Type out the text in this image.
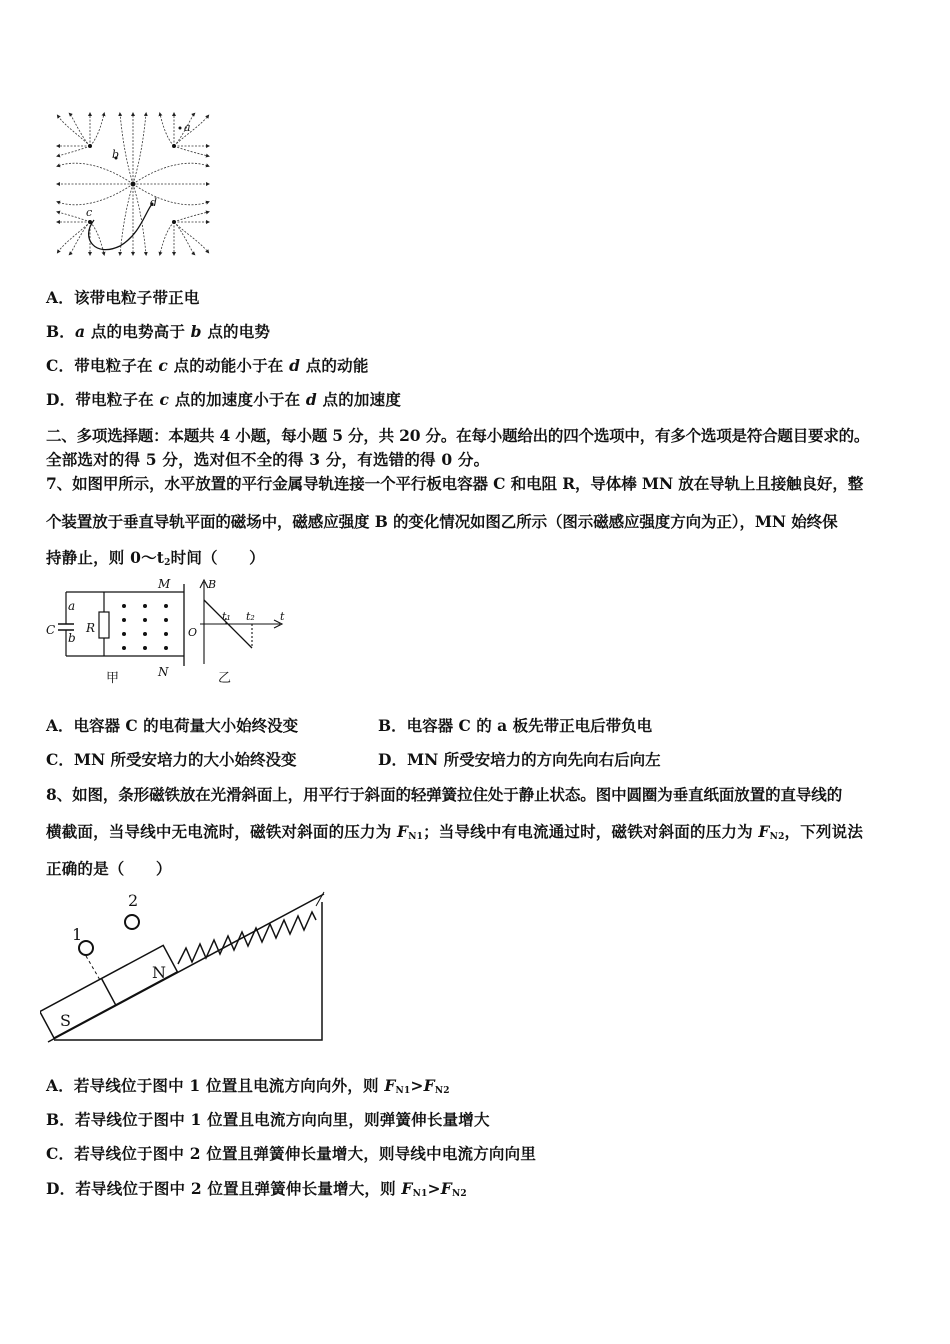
a
b
c
d
A．该带电粒子带正电
B．a 点的电势高于 b 点的电势
C．带电粒子在 c 点的动能小于在 d 点的动能
D．带电粒子在 c 点的加速度小于在 d 点的加速度
二、多项选择题：本题共 4 小题，每小题 5 分，共 20 分。在每小题给出的四个选项中，有多个选项是符合题目要求的。
全部选对的得 5 分，选对但不全的得 3 分，有选错的得 0 分。
7、如图甲所示，水平放置的平行金属导轨连接一个平行板电容器 C 和电阻 R，导体棒 MN 放在导轨上且接触良好，整
个装置放于垂直导轨平面的磁场中，磁感应强度 B 的变化情况如图乙所示（图示磁感应强度方向为正），MN 始终保
持静止，则 $0\sim t_2$时间（　　）
a
b
C	R
M
N
甲
B
O
t₁ t₂ t
乙
A．电容器 C 的电荷量大小始终没变	B．电容器 C 的 a 板先带正电后带负电
C．MN 所受安培力的大小始终没变	D．MN 所受安培力的方向先向右后向左
8、如图，条形磁铁放在光滑斜面上，用平行于斜面的轻弹簧拉住处于静止状态。图中圆圈为垂直纸面放置的直导线的
横截面，当导线中无电流时，磁铁对斜面的压力为 $F_{N1}$；当导线中有电流通过时，磁铁对斜面的压力为 $F_{N2}$，下列说法
正确的是（　　）
1
2
N
S
A．若导线位于图中 1 位置且电流方向向外，则 $F_{N1}>F_{N2}$
B．若导线位于图中 1 位置且电流方向向里，则弹簧伸长量增大
C．若导线位于图中 2 位置且弹簧伸长量增大，则导线中电流方向向里
D．若导线位于图中 2 位置且弹簧伸长量增大，则 $F_{N1}>F_{N2}$
